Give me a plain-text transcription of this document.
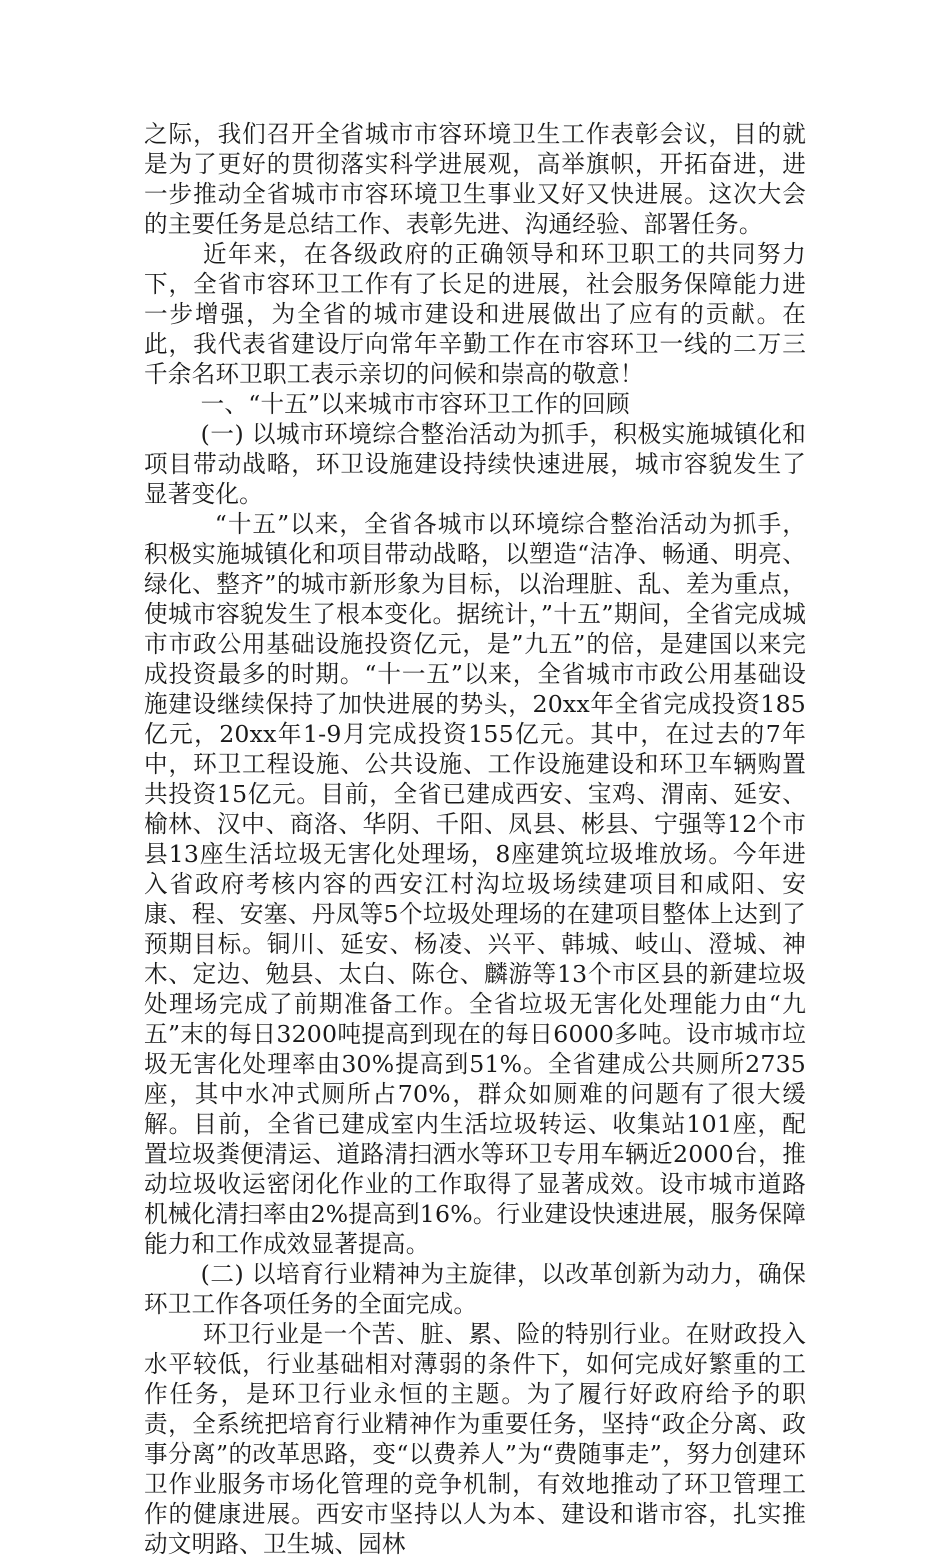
之际，我们召开全省城市市容环境卫生工作表彰会议，目的就是为了更好的贯彻落实科学进展观，高举旗帜，开拓奋进，进一步推动全省城市市容环境卫生事业又好又快进展。这次大会的主要任务是总结工作、表彰先进、沟通经验、部署任务。

近年来，在各级政府的正确领导和环卫职工的共同努力下，全省市容环卫工作有了长足的进展，社会服务保障能力进一步增强，为全省的城市建设和进展做出了应有的贡献。在此，我代表省建设厅向常年辛勤工作在市容环卫一线的二万三千余名环卫职工表示亲切的问候和崇高的敬意！

一、“十五”以来城市市容环卫工作的回顾

(一) 以城市环境综合整治活动为抓手，积极实施城镇化和项目带动战略，环卫设施建设持续快速进展，城市容貌发生了显著变化。

“十五”以来，全省各城市以环境综合整治活动为抓手，积极实施城镇化和项目带动战略，以塑造“洁净、畅通、明亮、绿化、整齐”的城市新形象为目标，以治理脏、乱、差为重点，使城市容貌发生了根本变化。据统计，”十五”期间，全省完成城市市政公用基础设施投资亿元，是”九五”的倍，是建国以来完成投资最多的时期。“十一五”以来，全省城市市政公用基础设施建设继续保持了加快进展的势头，20xx年全省完成投资185亿元，20xx年1-9月完成投资155亿元。其中，在过去的7年中，环卫工程设施、公共设施、工作设施建设和环卫车辆购置共投资15亿元。目前，全省已建成西安、宝鸡、渭南、延安、榆林、汉中、商洛、华阴、千阳、凤县、彬县、宁强等12个市县13座生活垃圾无害化处理场，8座建筑垃圾堆放场。今年进入省政府考核内容的西安江村沟垃圾场续建项目和咸阳、安康、程、安塞、丹凤等5个垃圾处理场的在建项目整体上达到了预期目标。铜川、延安、杨凌、兴平、韩城、岐山、澄城、神木、定边、勉县、太白、陈仓、麟游等13个市区县的新建垃圾处理场完成了前期准备工作。全省垃圾无害化处理能力由“九五”末的每日3200吨提高到现在的每日6000多吨。设市城市垃圾无害化处理率由30%提高到51%。全省建成公共厕所2735座，其中水冲式厕所占70%，群众如厕难的问题有了很大缓解。目前，全省已建成室内生活垃圾转运、收集站101座，配置垃圾粪便清运、道路清扫洒水等环卫专用车辆近2000台，推动垃圾收运密闭化作业的工作取得了显著成效。设市城市道路机械化清扫率由2%提高到16%。行业建设快速进展，服务保障能力和工作成效显著提高。

(二) 以培育行业精神为主旋律，以改革创新为动力，确保环卫工作各项任务的全面完成。

环卫行业是一个苦、脏、累、险的特别行业。在财政投入水平较低，行业基础相对薄弱的条件下，如何完成好繁重的工作任务，是环卫行业永恒的主题。为了履行好政府给予的职责，全系统把培育行业精神作为重要任务，坚持“政企分离、政事分离”的改革思路，变“以费养人”为“费随事走”，努力创建环卫作业服务市场化管理的竞争机制，有效地推动了环卫管理工作的健康进展。西安市坚持以人为本、建设和谐市容，扎实推动文明路、卫生城、园林
